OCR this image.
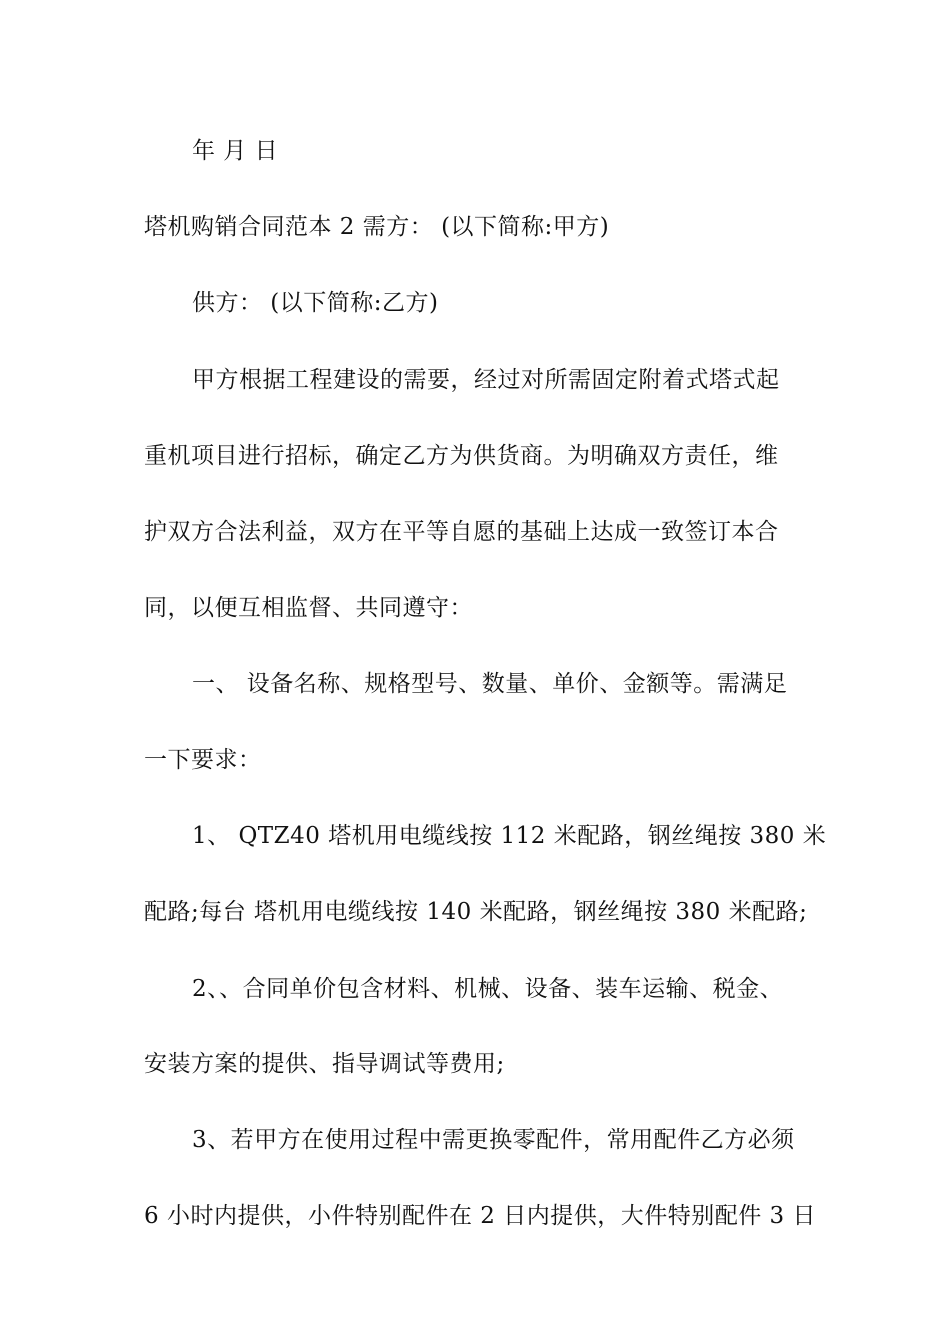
年 月 日
塔机购销合同范本 2 需方： (以下简称:甲方)
供方： (以下简称:乙方)
甲方根据工程建设的需要，经过对所需固定附着式塔式起
重机项目进行招标，确定乙方为供货商。为明确双方责任，维
护双方合法利益，双方在平等自愿的基础上达成一致签订本合
同，以便互相监督、共同遵守：
一、 设备名称、规格型号、数量、单价、金额等。需满足
一下要求：
1、 QTZ40 塔机用电缆线按 112 米配路，钢丝绳按 380 米
配路;每台 塔机用电缆线按 140 米配路，钢丝绳按 380 米配路;
2、、合同单价包含材料、机械、设备、装车运输、税金、
安装方案的提供、指导调试等费用;
3、若甲方在使用过程中需更换零配件，常用配件乙方必须
6 小时内提供，小件特别配件在 2 日内提供，大件特别配件 3 日
